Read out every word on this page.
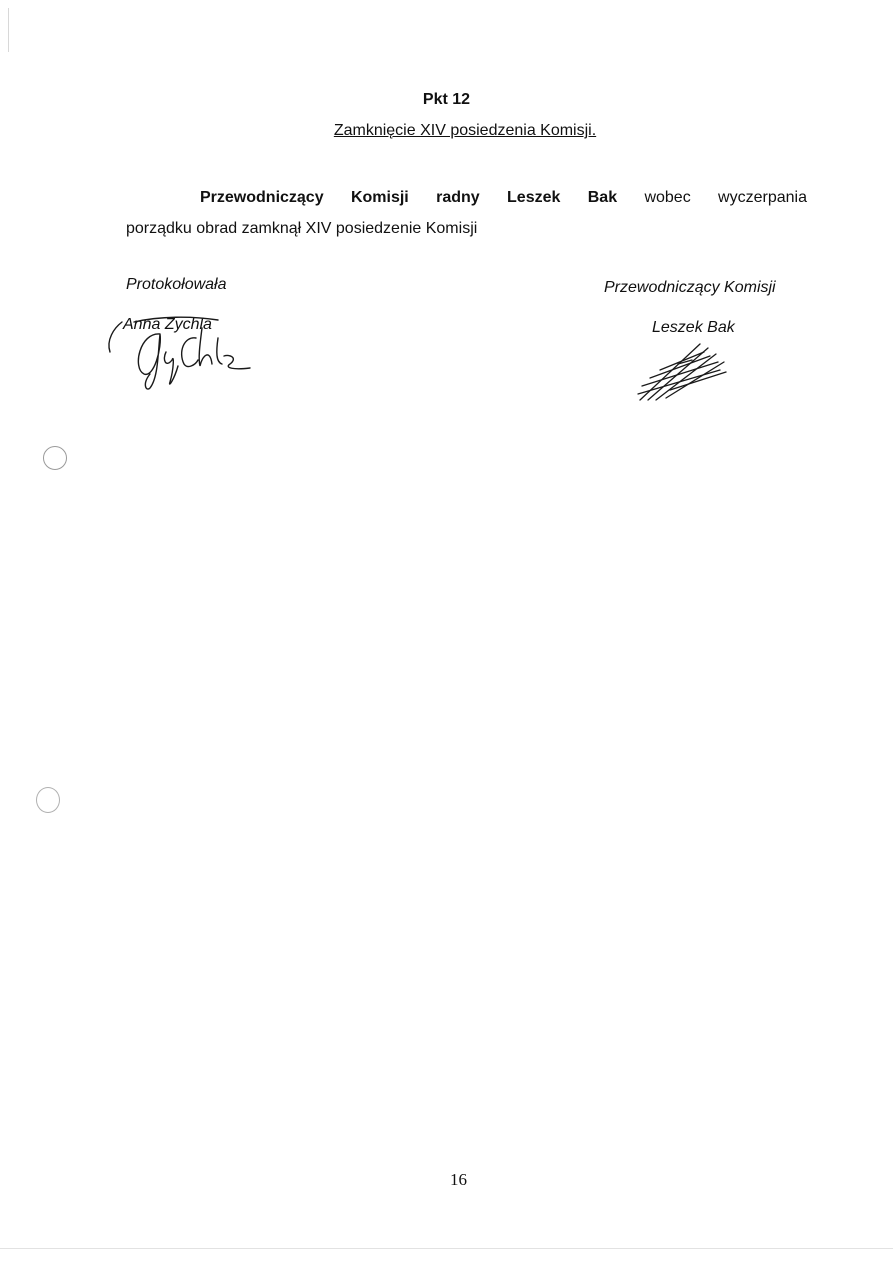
Pkt 12
Zamknięcie XIV posiedzenia Komisji.
Przewodniczący Komisji radny Leszek Bak wobec wyczerpania
porządku obrad zamknął XIV posiedzenie Komisji
Protokołowała	Przewodniczący Komisji
Anna Zychla	Leszek Bak
16
